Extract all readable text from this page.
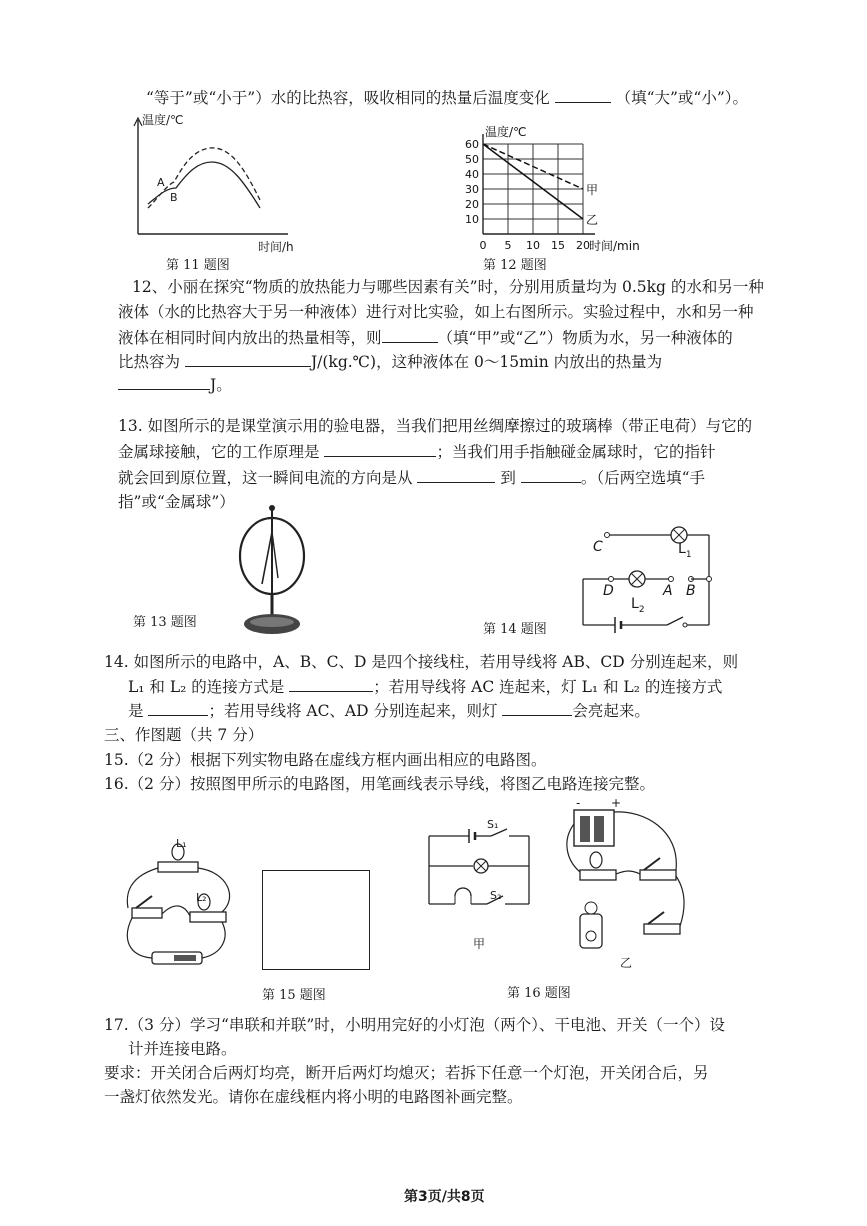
“等于”或“小于”）水的比热容，吸收相同的热量后温度变化	（填“大”或“小”）。
温度/℃
A
B
时间/h
第 11 题图
甲
乙
60
50
40
30
20
10
0 5 10 15 20
温度/℃
时间/min
第 12 题图
12、小丽在探究“物质的放热能力与哪些因素有关”时，分别用质量均为 0.5kg 的水和另一种
液体（水的比热容大于另一种液体）进行对比实验，如上右图所示。实验过程中，水和另一种
液体在相同时间内放出的热量相等，则	（填“甲”或“乙”）物质为水，另一种液体的
比热容为	J/(kg.℃)，这种液体在 0～15min 内放出的热量为
J。
13. 如图所示的是课堂演示用的验电器，当我们把用丝绸摩擦过的玻璃棒（带正电荷）与它的
金属球接触，它的工作原理是	；当我们用手指触碰金属球时，它的指针
就会回到原位置，这一瞬间电流的方向是从	到	。（后两空选填“手
指”或“金属球”）
第 13 题图
C	$L_1$
D	A B
$L_2$
第 14 题图
14. 如图所示的电路中，A、B、C、D 是四个接线柱，若用导线将 AB、CD 分别连起来，则
L₁ 和 L₂ 的连接方式是	；若用导线将 AC 连起来，灯 L₁ 和 L₂ 的连接方式
是	；若用导线将 AC、AD 分别连起来，则灯	会亮起来。
三、作图题（共 7 分）
15.（2 分）根据下列实物电路在虚线方框内画出相应的电路图。
16.（2 分）按照图甲所示的电路图，用笔画线表示导线，将图乙电路连接完整。
L₁
L₂
第 15 题图
S₁
S₂
甲
-	+
乙
第 16 题图
17.（3 分）学习“串联和并联”时，小明用完好的小灯泡（两个）、干电池、开关（一个）设
计并连接电路。
要求：开关闭合后两灯均亮，断开后两灯均熄灭；若拆下任意一个灯泡，开关闭合后，另
一盏灯依然发光。请你在虚线框内将小明的电路图补画完整。
第3页/共8页
